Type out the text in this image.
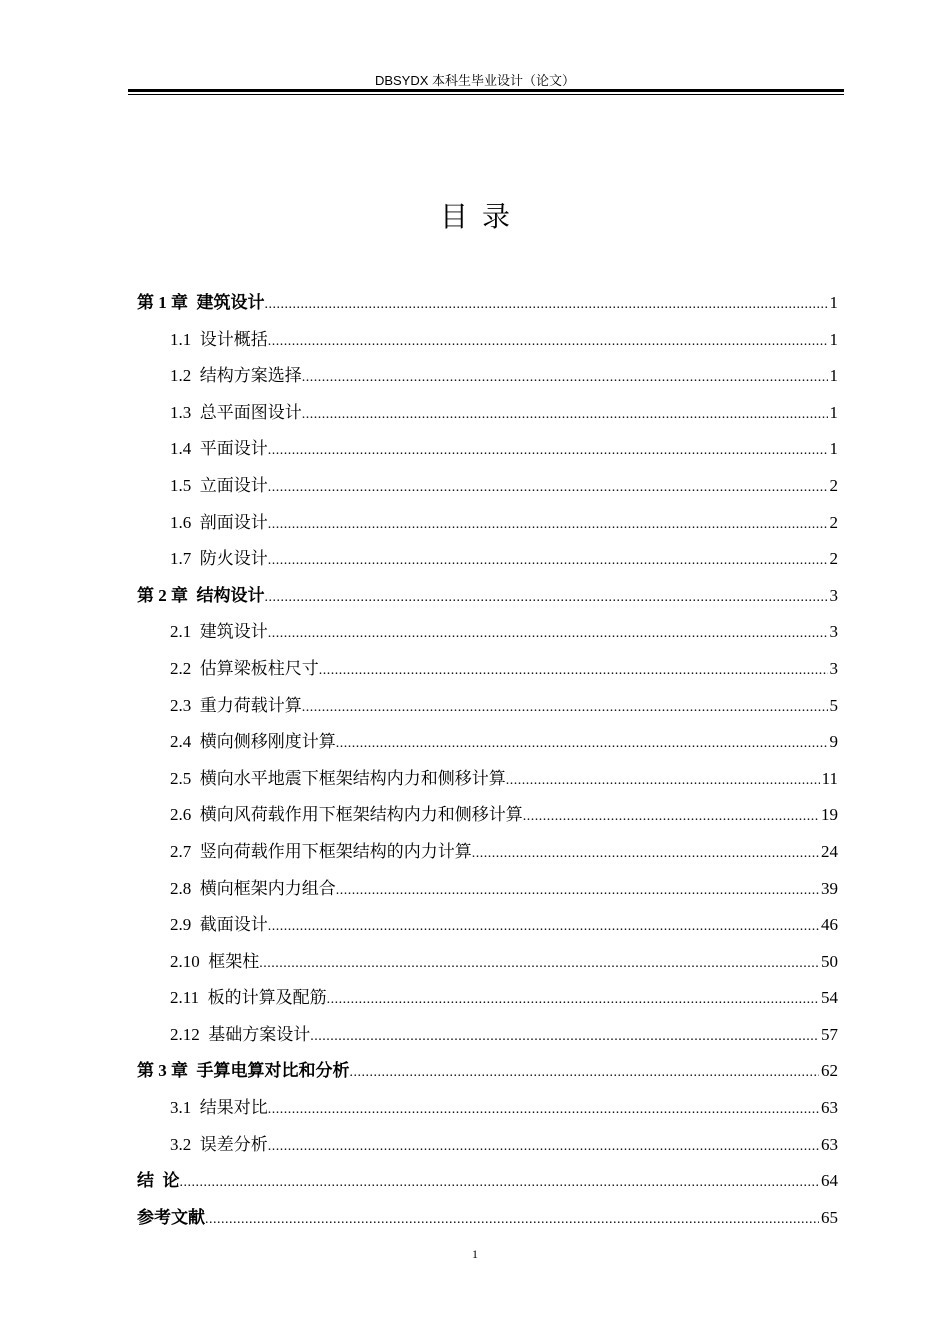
DBSYDX 本科生毕业设计（论文）
目录
第 1 章  建筑设计 .....	1
1.1  设计概括 .....	1
1.2  结构方案选择 .....	1
1.3  总平面图设计 .....	1
1.4  平面设计 .....	1
1.5  立面设计 .....	2
1.6  剖面设计 .....	2
1.7  防火设计 .....	2
第 2 章  结构设计 .....	3
2.1  建筑设计 .....	3
2.2  估算梁板柱尺寸 .....	3
2.3  重力荷载计算 .....	5
2.4  横向侧移刚度计算 .....	9
2.5  横向水平地震下框架结构内力和侧移计算 .....	11
2.6  横向风荷载作用下框架结构内力和侧移计算 .....	19
2.7  竖向荷载作用下框架结构的内力计算 .....	24
2.8  横向框架内力组合 .....	39
2.9  截面设计 .....	46
2.10  框架柱 .....	50
2.11  板的计算及配筋 .....	54
2.12  基础方案设计 .....	57
第 3 章  手算电算对比和分析 .....	62
3.1  结果对比 .....	63
3.2  误差分析 .....	63
结  论 .....	64
参考文献 .....	65
1
